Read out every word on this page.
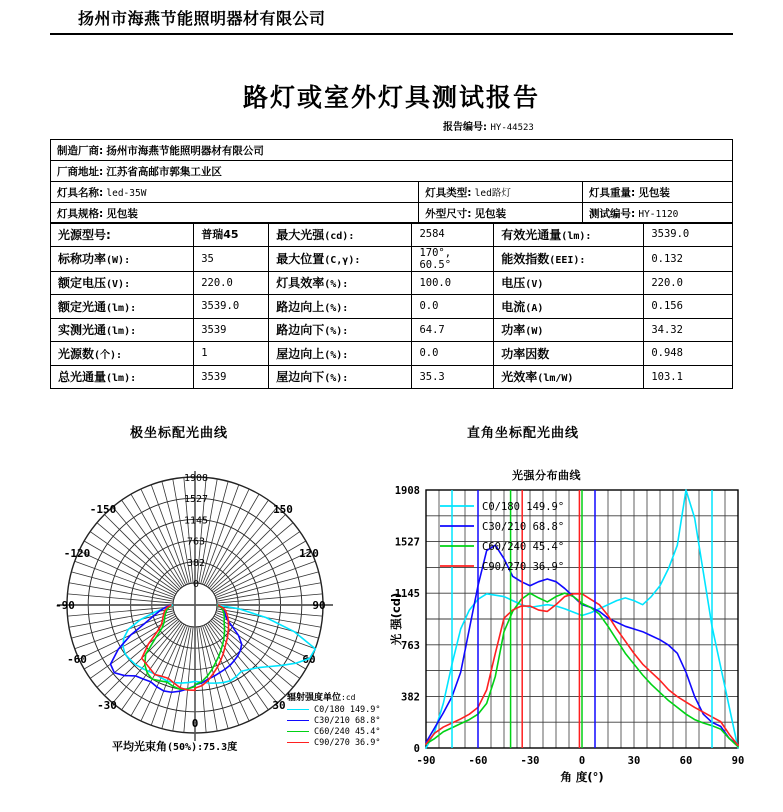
扬州市海燕节能照明器材有限公司
路灯或室外灯具测试报告
报告编号: HY-44523
制造厂商: 扬州市海燕节能照明器材有限公司		
厂商地址: 江苏省高邮市郭集工业区		
灯具名称: led-35W	灯具类型: led路灯	灯具重量: 见包装
灯具规格: 见包装	外型尺寸: 见包装	测试编号: HY-1120
光源型号:	普瑞45	最大光强(cd):	2584	有效光通量(lm):	3539.0
标称功率(W):	35	最大位置(C,γ):	170°, 60.5°	能效指数(EEI):	0.132
额定电压(V):	220.0	灯具效率(%):	100.0	电压(V)	220.0
额定光通(lm):	3539.0	路边向上(%):	0.0	电流(A)	0.156
实测光通(lm):	3539	路边向下(%):	64.7	功率(W)	34.32
光源数(个):	1	屋边向上(%):	0.0	功率因数	0.948
总光通量(lm):	3539	屋边向下(%):	35.3	光效率(lm/W)	103.1
极坐标配光曲线	直角坐标配光曲线
光强分布曲线
0
382
763
1145
1527
1908
-150
-120
-90
-60
-30
0
30
60
90
120
150
辐射强度单位:cd
C0/180 149.9°
C30/210 68.8°
C60/240 45.4°
C90/270 36.9°
平均光束角(50%):75.3度	0
382
763
1145
1527
1908
-90	-60	-30	0	30	60	90
角 度(°)
光 强(cd)
C0/180 149.9°
C30/210 68.8°
C60/240 45.4°
C90/270 36.9°
